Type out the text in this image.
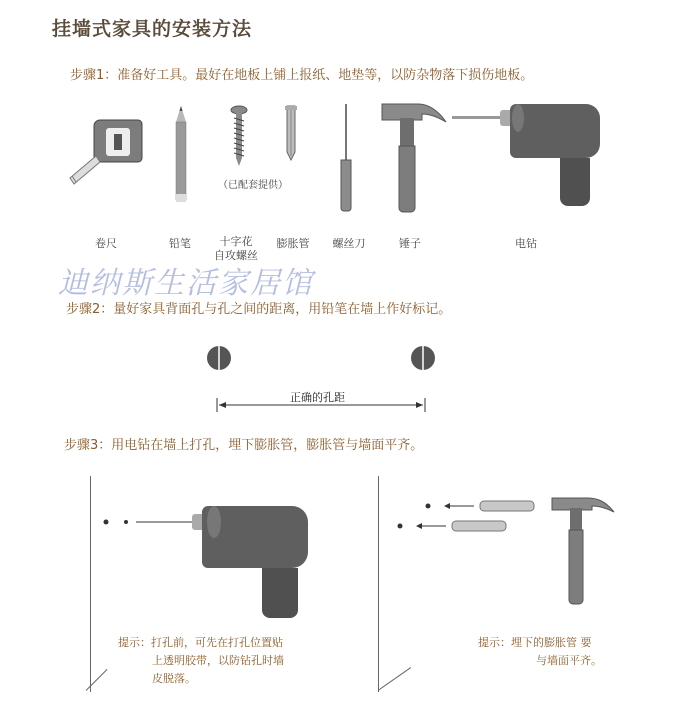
挂墙式家具的安装方法
步骤1：准备好工具。最好在地板上铺上报纸、地垫等，以防杂物落下损伤地板。
（已配套提供）
卷尺	铅笔	十字花
自攻螺丝
膨胀管	螺丝刀	锤子	电钻
迪纳斯生活家居馆
步骤2：量好家具背面孔与孔之间的距离，用铅笔在墙上作好标记。
正确的孔距
步骤3：用电钻在墙上打孔，埋下膨胀管，膨胀管与墙面平齐。
提示：打孔前，可先在打孔位置贴
上透明胶带，以防钻孔时墙
皮脱落。
提示：埋下的膨胀管 要
与墙面平齐。
